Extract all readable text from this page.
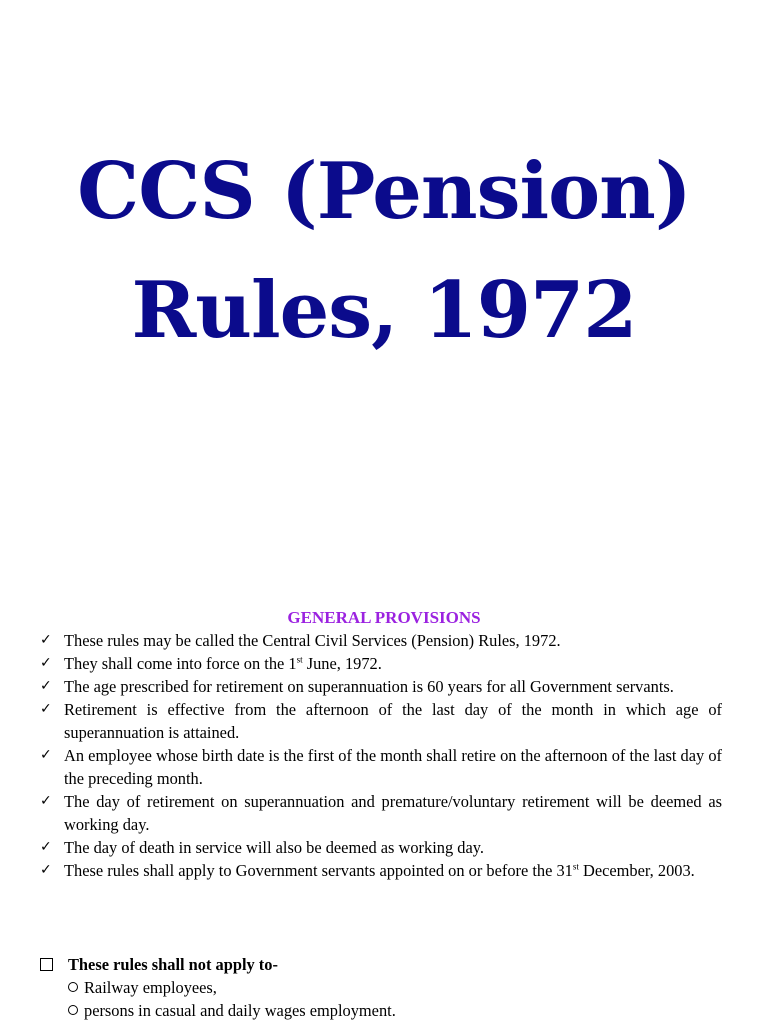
CCS (Pension)
Rules, 1972
GENERAL PROVISIONS
✓ These rules may be called the Central Civil Services (Pension) Rules, 1972.
✓ They shall come into force on the 1st June, 1972.
✓ The age prescribed for retirement on superannuation is 60 years for all Government servants.
✓ Retirement is effective from the afternoon of the last day of the month in which age of superannuation is attained.
✓ An employee whose birth date is the first of the month shall retire on the afternoon of the last day of the preceding month.
✓ The day of retirement on superannuation and premature/voluntary retirement will be deemed as working day.
✓ The day of death in service will also be deemed as working day.
✓ These rules shall apply to Government servants appointed on or before the 31st December, 2003.
These rules shall not apply to-
Railway employees,
persons in casual and daily wages employment.
